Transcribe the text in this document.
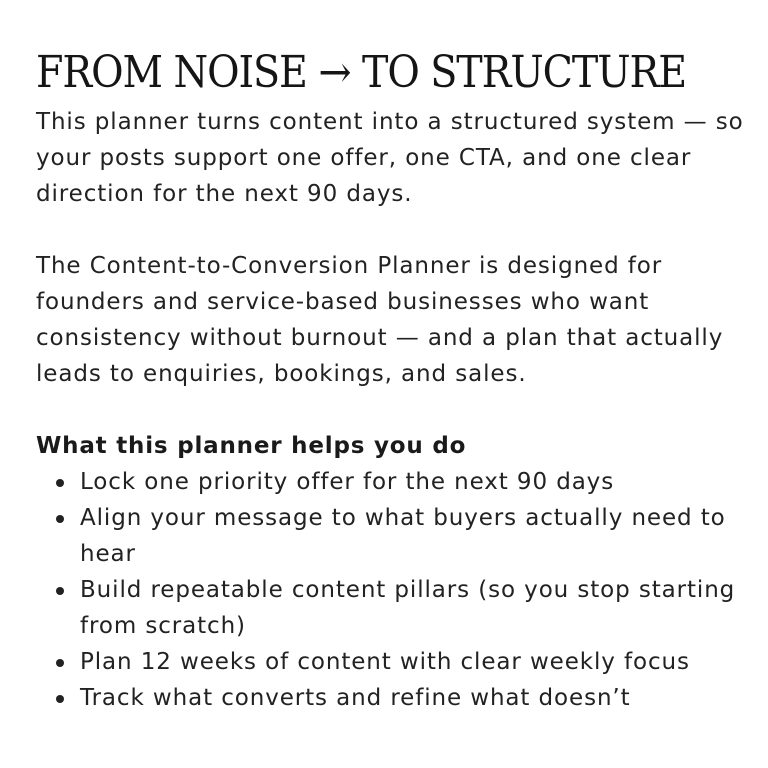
FROM NOISE → TO STRUCTURE

This planner turns content into a structured system — so your posts support one offer, one CTA, and one clear direction for the next 90 days.

The Content-to-Conversion Planner is designed for founders and service-based businesses who want consistency without burnout — and a plan that actually leads to enquiries, bookings, and sales.

What this planner helps you do
Lock one priority offer for the next 90 days
Align your message to what buyers actually need to hear
Build repeatable content pillars (so you stop starting from scratch)
Plan 12 weeks of content with clear weekly focus
Track what converts and refine what doesn’t
